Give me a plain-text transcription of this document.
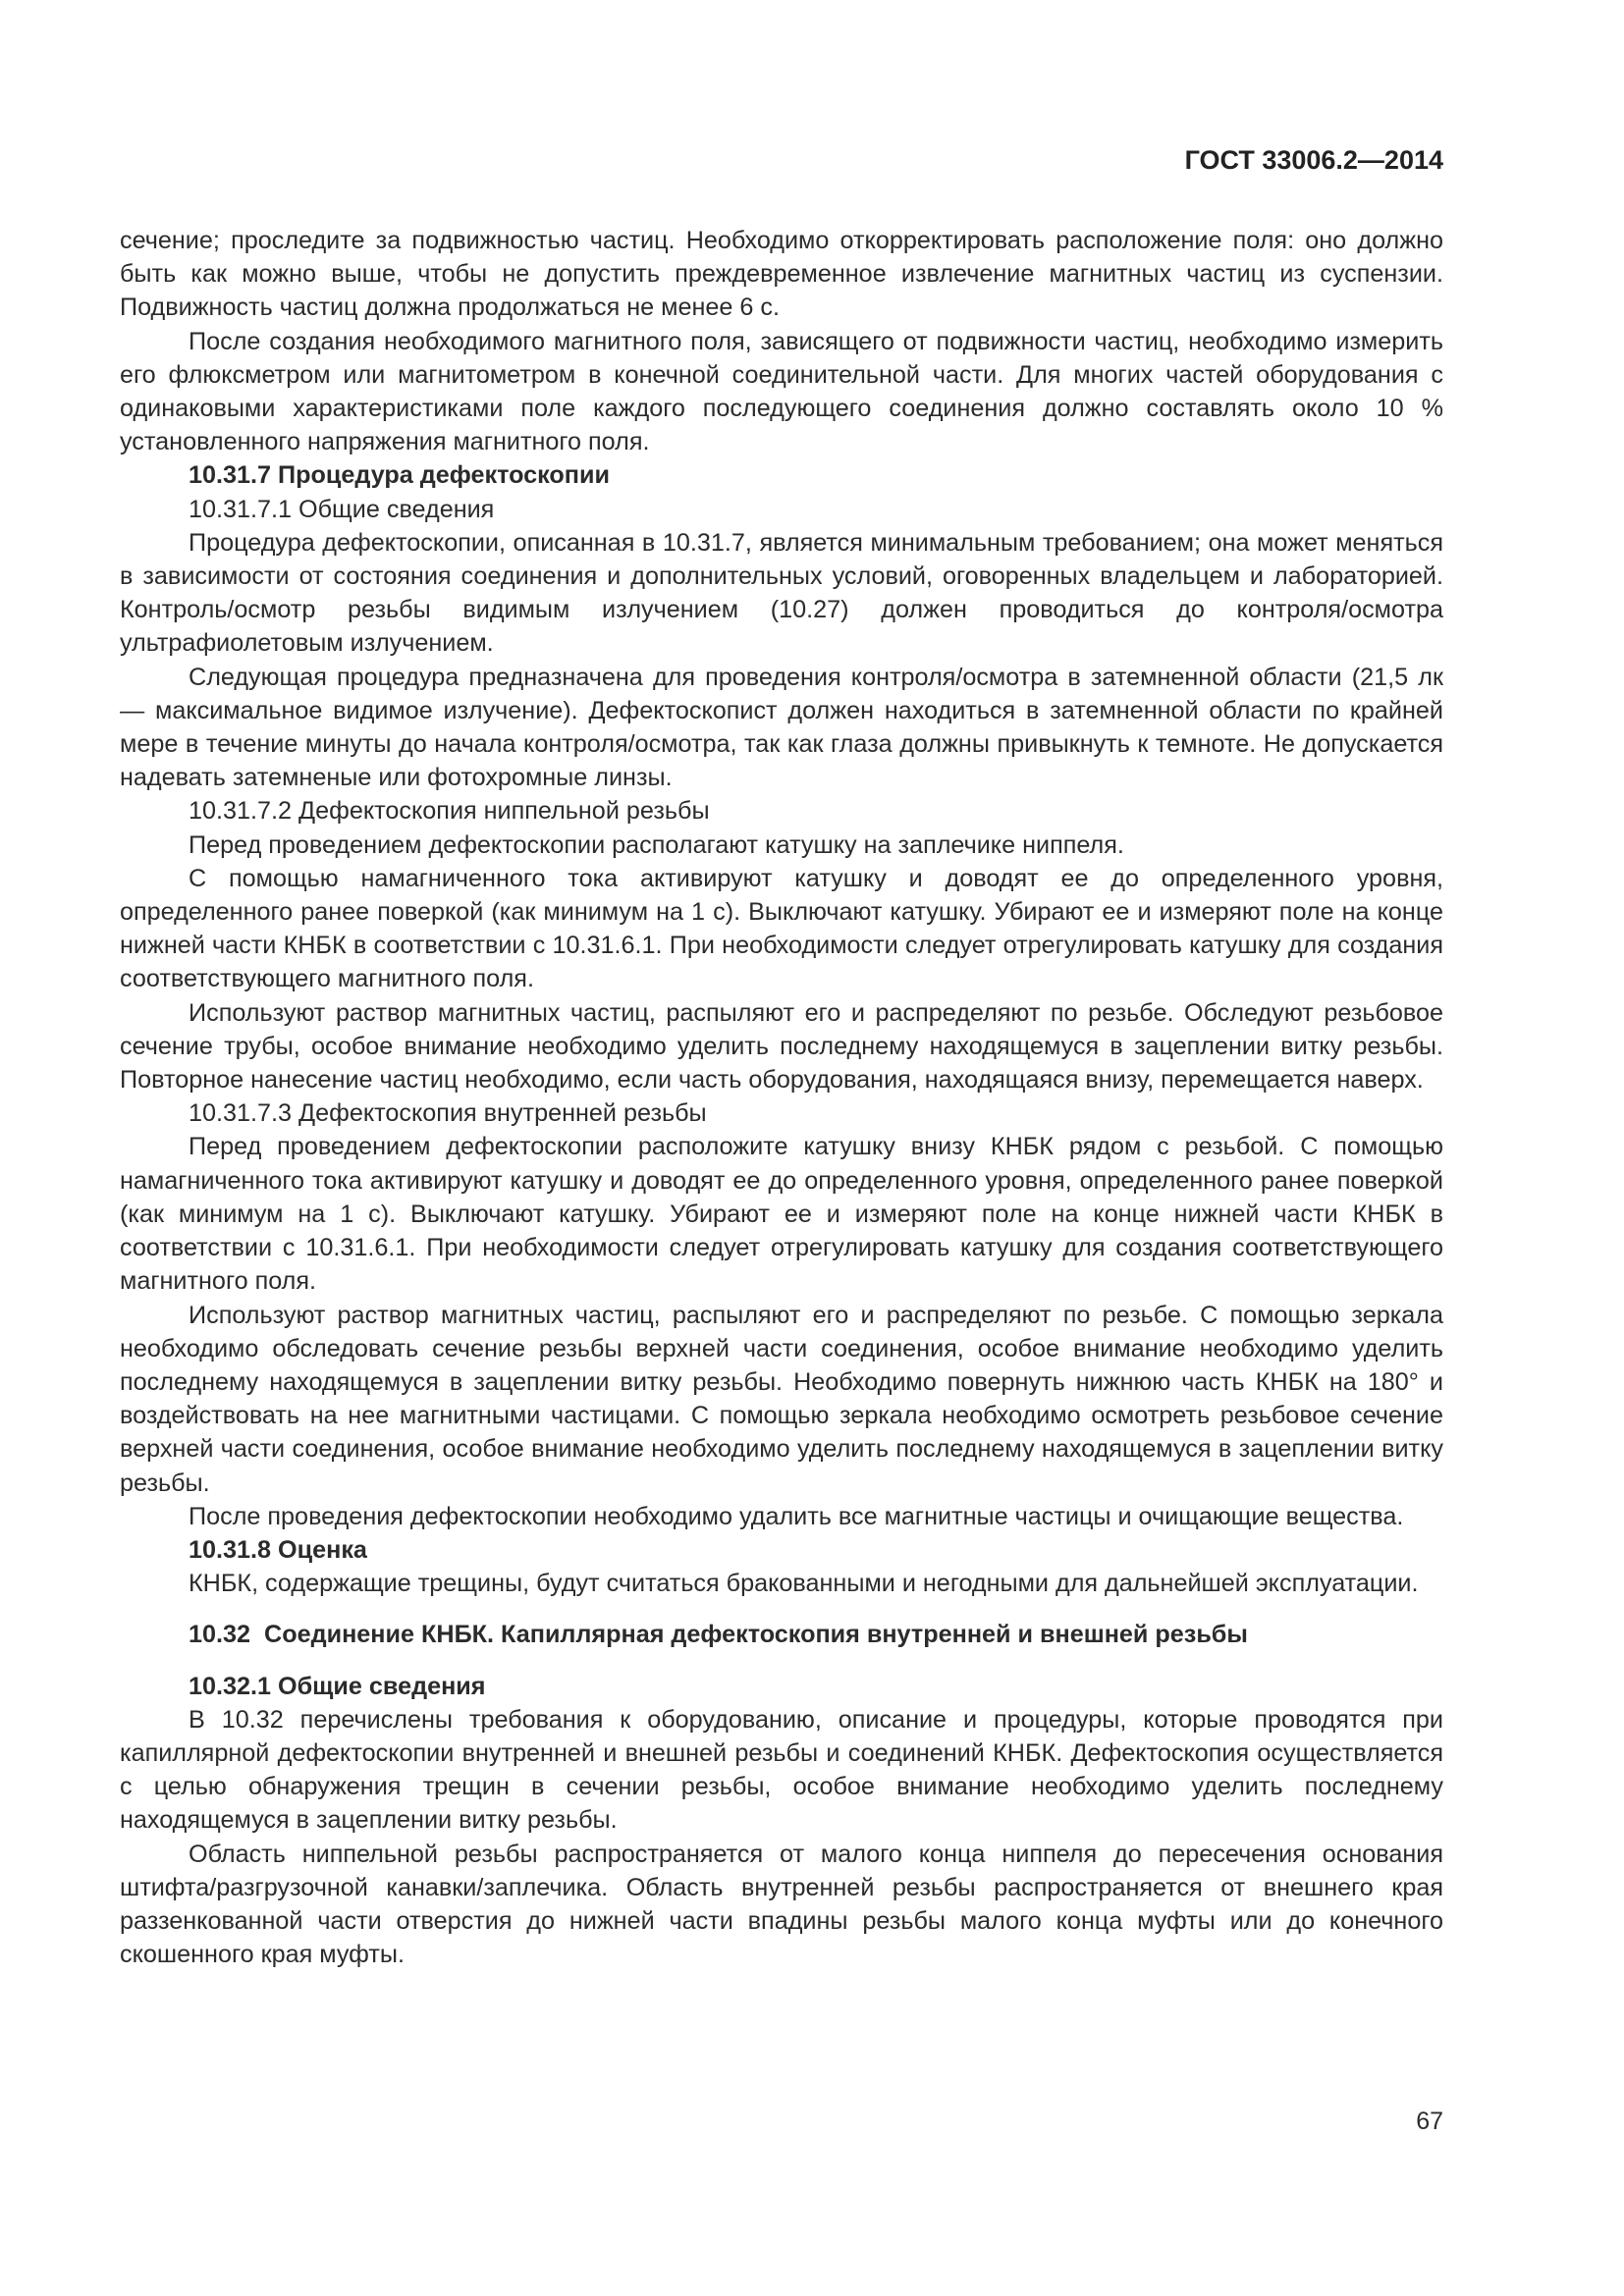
ГОСТ 33006.2—2014

сечение; проследите за подвижностью частиц. Необходимо откорректировать расположение поля: оно должно быть как можно выше, чтобы не допустить преждевременное извлечение магнитных частиц из суспензии. Подвижность частиц должна продолжаться не менее 6 с.

После создания необходимого магнитного поля, зависящего от подвижности частиц, необходимо измерить его флюксметром или магнитометром в конечной соединительной части. Для многих частей оборудования с одинаковыми характеристиками поле каждого последующего соединения должно составлять около 10 % установленного напряжения магнитного поля.

10.31.7 Процедура дефектоскопии

10.31.7.1 Общие сведения

Процедура дефектоскопии, описанная в 10.31.7, является минимальным требованием; она может меняться в зависимости от состояния соединения и дополнительных условий, оговоренных владельцем и лабораторией. Контроль/осмотр резьбы видимым излучением (10.27) должен проводиться до контроля/осмотра ультрафиолетовым излучением.

Следующая процедура предназначена для проведения контроля/осмотра в затемненной области (21,5 лк — максимальное видимое излучение). Дефектоскопист должен находиться в затемненной области по крайней мере в течение минуты до начала контроля/осмотра, так как глаза должны привыкнуть к темноте. Не допускается надевать затемненые или фотохромные линзы.

10.31.7.2 Дефектоскопия ниппельной резьбы

Перед проведением дефектоскопии располагают катушку на заплечике ниппеля.

С помощью намагниченного тока активируют катушку и доводят ее до определенного уровня, определенного ранее поверкой (как минимум на 1 с). Выключают катушку. Убирают ее и измеряют поле на конце нижней части КНБК в соответствии с 10.31.6.1. При необходимости следует отрегулировать катушку для создания соответствующего магнитного поля.

Используют раствор магнитных частиц, распыляют его и распределяют по резьбе. Обследуют резьбовое сечение трубы, особое внимание необходимо уделить последнему находящемуся в зацеплении витку резьбы. Повторное нанесение частиц необходимо, если часть оборудования, находящаяся внизу, перемещается наверх.

10.31.7.3 Дефектоскопия внутренней резьбы

Перед проведением дефектоскопии расположите катушку внизу КНБК рядом с резьбой. С помощью намагниченного тока активируют катушку и доводят ее до определенного уровня, определенного ранее поверкой (как минимум на 1 с). Выключают катушку. Убирают ее и измеряют поле на конце нижней части КНБК в соответствии с 10.31.6.1. При необходимости следует отрегулировать катушку для создания соответствующего магнитного поля.

Используют раствор магнитных частиц, распыляют его и распределяют по резьбе. С помощью зеркала необходимо обследовать сечение резьбы верхней части соединения, особое внимание необходимо уделить последнему находящемуся в зацеплении витку резьбы. Необходимо повернуть нижнюю часть КНБК на 180° и воздействовать на нее магнитными частицами. С помощью зеркала необходимо осмотреть резьбовое сечение верхней части соединения, особое внимание необходимо уделить последнему находящемуся в зацеплении витку резьбы.

После проведения дефектоскопии необходимо удалить все магнитные частицы и очищающие вещества.

10.31.8 Оценка

КНБК, содержащие трещины, будут считаться бракованными и негодными для дальнейшей эксплуатации.

10.32  Соединение КНБК. Капиллярная дефектоскопия внутренней и внешней резьбы

10.32.1 Общие сведения

В 10.32 перечислены требования к оборудованию, описание и процедуры, которые проводятся при капиллярной дефектоскопии внутренней и внешней резьбы и соединений КНБК. Дефектоскопия осуществляется с целью обнаружения трещин в сечении резьбы, особое внимание необходимо уделить последнему находящемуся в зацеплении витку резьбы.

Область ниппельной резьбы распространяется от малого конца ниппеля до пересечения основания штифта/разгрузочной канавки/заплечика. Область внутренней резьбы распространяется от внешнего края раззенкованной части отверстия до нижней части впадины резьбы малого конца муфты или до конечного скошенного края муфты.

67
